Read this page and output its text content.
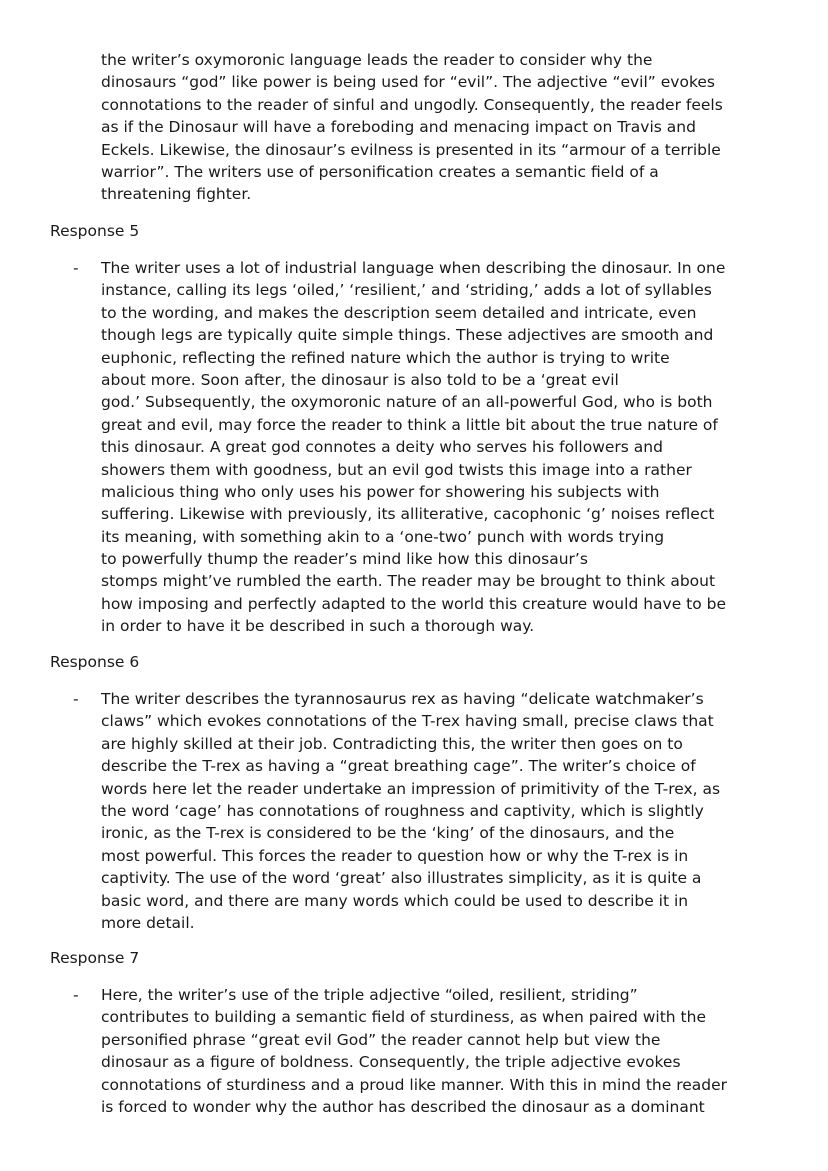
the writer’s oxymoronic language leads the reader to consider why the
dinosaurs “god” like power is being used for “evil”. The adjective “evil” evokes
connotations to the reader of sinful and ungodly. Consequently, the reader feels
as if the Dinosaur will have a foreboding and menacing impact on Travis and
Eckels. Likewise, the dinosaur’s evilness is presented in its “armour of a terrible
warrior”. The writers use of personification creates a semantic field of a
threatening fighter.
Response 5
- The writer uses a lot of industrial language when describing the dinosaur. In one
instance, calling its legs ‘oiled,’ ‘resilient,’ and ‘striding,’ adds a lot of syllables
to the wording, and makes the description seem detailed and intricate, even
though legs are typically quite simple things. These adjectives are smooth and
euphonic, reflecting the refined nature which the author is trying to write
about more. Soon after, the dinosaur is also told to be a ‘great evil
god.’ Subsequently, the oxymoronic nature of an all-powerful God, who is both
great and evil, may force the reader to think a little bit about the true nature of
this dinosaur. A great god connotes a deity who serves his followers and
showers them with goodness, but an evil god twists this image into a rather
malicious thing who only uses his power for showering his subjects with
suffering. Likewise with previously, its alliterative, cacophonic ‘g’ noises reflect
its meaning, with something akin to a ‘one-two’ punch with words trying
to powerfully thump the reader’s mind like how this dinosaur’s
stomps might’ve rumbled the earth. The reader may be brought to think about
how imposing and perfectly adapted to the world this creature would have to be
in order to have it be described in such a thorough way.
Response 6
- The writer describes the tyrannosaurus rex as having “delicate watchmaker’s
claws” which evokes connotations of the T-rex having small, precise claws that
are highly skilled at their job. Contradicting this, the writer then goes on to
describe the T-rex as having a “great breathing cage”. The writer’s choice of
words here let the reader undertake an impression of primitivity of the T-rex, as
the word ‘cage’ has connotations of roughness and captivity, which is slightly
ironic, as the T-rex is considered to be the ‘king’ of the dinosaurs, and the
most powerful. This forces the reader to question how or why the T-rex is in
captivity. The use of the word ‘great’ also illustrates simplicity, as it is quite a
basic word, and there are many words which could be used to describe it in
more detail.
Response 7
- Here, the writer’s use of the triple adjective “oiled, resilient, striding”
contributes to building a semantic field of sturdiness, as when paired with the
personified phrase “great evil God” the reader cannot help but view the
dinosaur as a figure of boldness. Consequently, the triple adjective evokes
connotations of sturdiness and a proud like manner. With this in mind the reader
is forced to wonder why the author has described the dinosaur as a dominant
